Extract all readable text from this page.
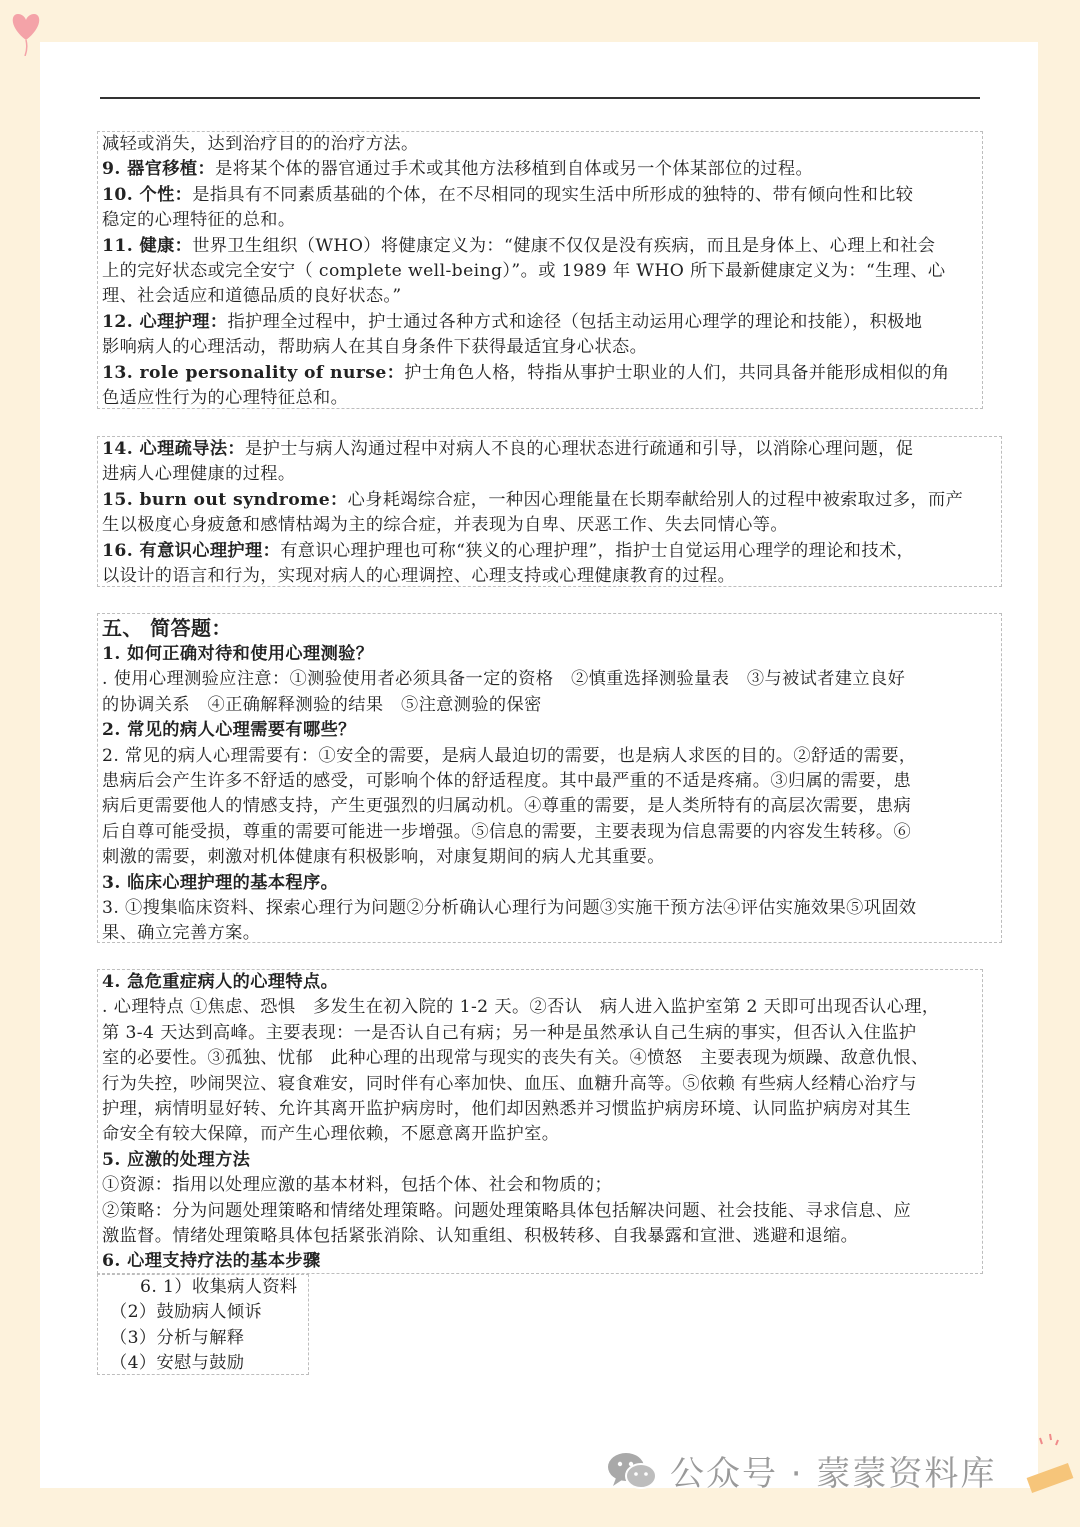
减轻或消失，达到治疗目的的治疗方法。

9. 器官移植：是将某个体的器官通过手术或其他方法移植到自体或另一个体某部位的过程。

10. 个性：是指具有不同素质基础的个体，在不尽相同的现实生活中所形成的独特的、带有倾向性和比较

稳定的心理特征的总和。

11. 健康：世界卫生组织（WHO）将健康定义为：“健康不仅仅是没有疾病，而且是身体上、心理上和社会

上的完好状态或完全安宁（ complete well-being）”。或 1989 年 WHO 所下最新健康定义为：“生理、心

理、社会适应和道德品质的良好状态。”

12. 心理护理：指护理全过程中，护士通过各种方式和途径（包括主动运用心理学的理论和技能），积极地

影响病人的心理活动，帮助病人在其自身条件下获得最适宜身心状态。

13. role personality of nurse：护士角色人格，特指从事护士职业的人们，共同具备并能形成相似的角

色适应性行为的心理特征总和。

14. 心理疏导法：是护士与病人沟通过程中对病人不良的心理状态进行疏通和引导，以消除心理问题，促

进病人心理健康的过程。

15. burn out syndrome：心身耗竭综合症，一种因心理能量在长期奉献给别人的过程中被索取过多，而产

生以极度心身疲惫和感情枯竭为主的综合症，并表现为自卑、厌恶工作、失去同情心等。

16. 有意识心理护理：有意识心理护理也可称“狭义的心理护理”，指护士自觉运用心理学的理论和技术，

以设计的语言和行为，实现对病人的心理调控、心理支持或心理健康教育的过程。

五、 简答题：

1. 如何正确对待和使用心理测验？

. 使用心理测验应注意：①测验使用者必须具备一定的资格　②慎重选择测验量表　③与被试者建立良好

的协调关系　④正确解释测验的结果　⑤注意测验的保密

2. 常见的病人心理需要有哪些？

2. 常见的病人心理需要有：①安全的需要，是病人最迫切的需要，也是病人求医的目的。②舒适的需要，

患病后会产生许多不舒适的感受，可影响个体的舒适程度。其中最严重的不适是疼痛。③归属的需要，患

病后更需要他人的情感支持，产生更强烈的归属动机。④尊重的需要，是人类所特有的高层次需要，患病

后自尊可能受损，尊重的需要可能进一步增强。⑤信息的需要，主要表现为信息需要的内容发生转移。⑥

刺激的需要，刺激对机体健康有积极影响，对康复期间的病人尤其重要。

3. 临床心理护理的基本程序。

3. ①搜集临床资料、探索心理行为问题②分析确认心理行为问题③实施干预方法④评估实施效果⑤巩固效

果、确立完善方案。

4. 急危重症病人的心理特点。

. 心理特点 ①焦虑、恐惧　多发生在初入院的 1-2 天。②否认　病人进入监护室第 2 天即可出现否认心理，

第 3-4 天达到高峰。主要表现：一是否认自己有病；另一种是虽然承认自己生病的事实，但否认入住监护

室的必要性。③孤独、忧郁　此种心理的出现常与现实的丧失有关。④愤怒　主要表现为烦躁、敌意仇恨、

行为失控，吵闹哭泣、寝食难安，同时伴有心率加快、血压、血糖升高等。⑤依赖 有些病人经精心治疗与

护理，病情明显好转、允许其离开监护病房时，他们却因熟悉并习惯监护病房环境、认同监护病房对其生

命安全有较大保障，而产生心理依赖，不愿意离开监护室。

5. 应激的处理方法

①资源：指用以处理应激的基本材料，包括个体、社会和物质的；

②策略：分为问题处理策略和情绪处理策略。问题处理策略具体包括解决问题、社会技能、寻求信息、应

激监督。情绪处理策略具体包括紧张消除、认知重组、积极转移、自我暴露和宣泄、逃避和退缩。

6. 心理支持疗法的基本步骤

6. 1）收集病人资料

（2）鼓励病人倾诉

（3）分析与解释

（4）安慰与鼓励

公众号 · 蒙蒙资料库
